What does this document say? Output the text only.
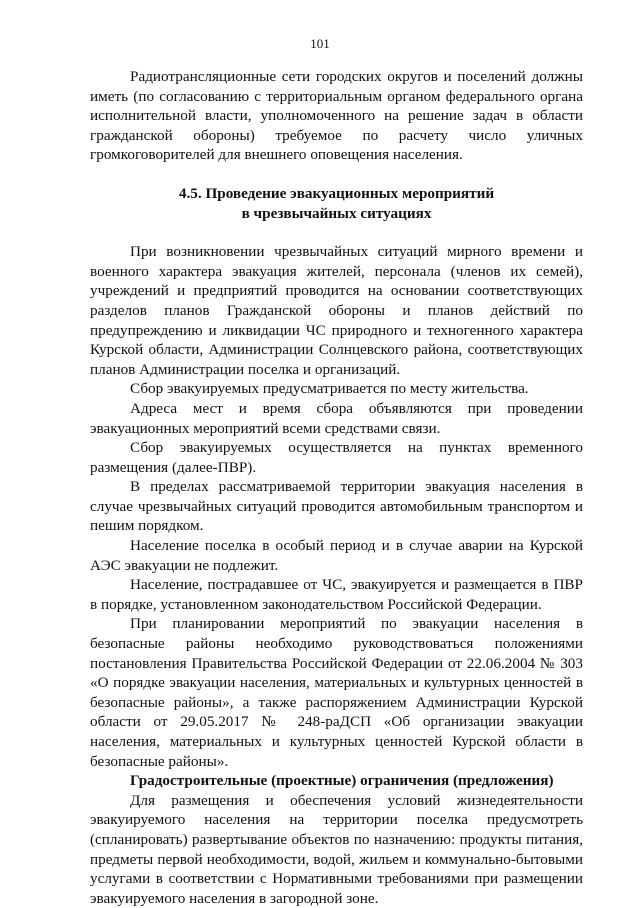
101

Радиотрансляционные сети городских округов и поселений должны иметь (по согласованию с территориальным органом федерального органа исполнительной власти, уполномоченного на решение задач в области гражданской обороны) требуемое по расчету число уличных громкоговорителей для внешнего оповещения населения.

4.5. Проведение эвакуационных мероприятий
в чрезвычайных ситуациях

При возникновении чрезвычайных ситуаций мирного времени и военного характера эвакуация жителей, персонала (членов их семей), учреждений и предприятий проводится на основании соответствующих разделов планов Гражданской обороны и планов действий по предупреждению и ликвидации ЧС природного и техногенного характера Курской области, Администрации Солнцевского района, соответствующих планов Администрации поселка и организаций.

Сбор эвакуируемых предусматривается по месту жительства.

Адреса мест и время сбора объявляются при проведении эвакуационных мероприятий всеми средствами связи.

Сбор эвакуируемых осуществляется на пунктах временного размещения (далее-ПВР).

В пределах рассматриваемой территории эвакуация населения в случае чрезвычайных ситуаций проводится автомобильным транспортом и пешим порядком.

Население поселка в особый период и в случае аварии на Курской АЭС эвакуации не подлежит.

Население, пострадавшее от ЧС, эвакуируется и размещается в ПВР в порядке, установленном законодательством Российской Федерации.

При планировании мероприятий по эвакуации населения в безопасные районы необходимо руководствоваться положениями постановления Правительства Российской Федерации от 22.06.2004 № 303 «О порядке эвакуации населения, материальных и культурных ценностей в безопасные районы», а также распоряжением Администрации Курской области от 29.05.2017 № 248-раДСП «Об организации эвакуации населения, материальных и культурных ценностей Курской области в безопасные районы».

Градостроительные (проектные) ограничения (предложения)

Для размещения и обеспечения условий жизнедеятельности эвакуируемого населения на территории поселка предусмотреть (спланировать) развертывание объектов по назначению: продукты питания, предметы первой необходимости, водой, жильем и коммунально-бытовыми услугами в соответствии с Нормативными требованиями при размещении эвакуируемого населения в загородной зоне.
